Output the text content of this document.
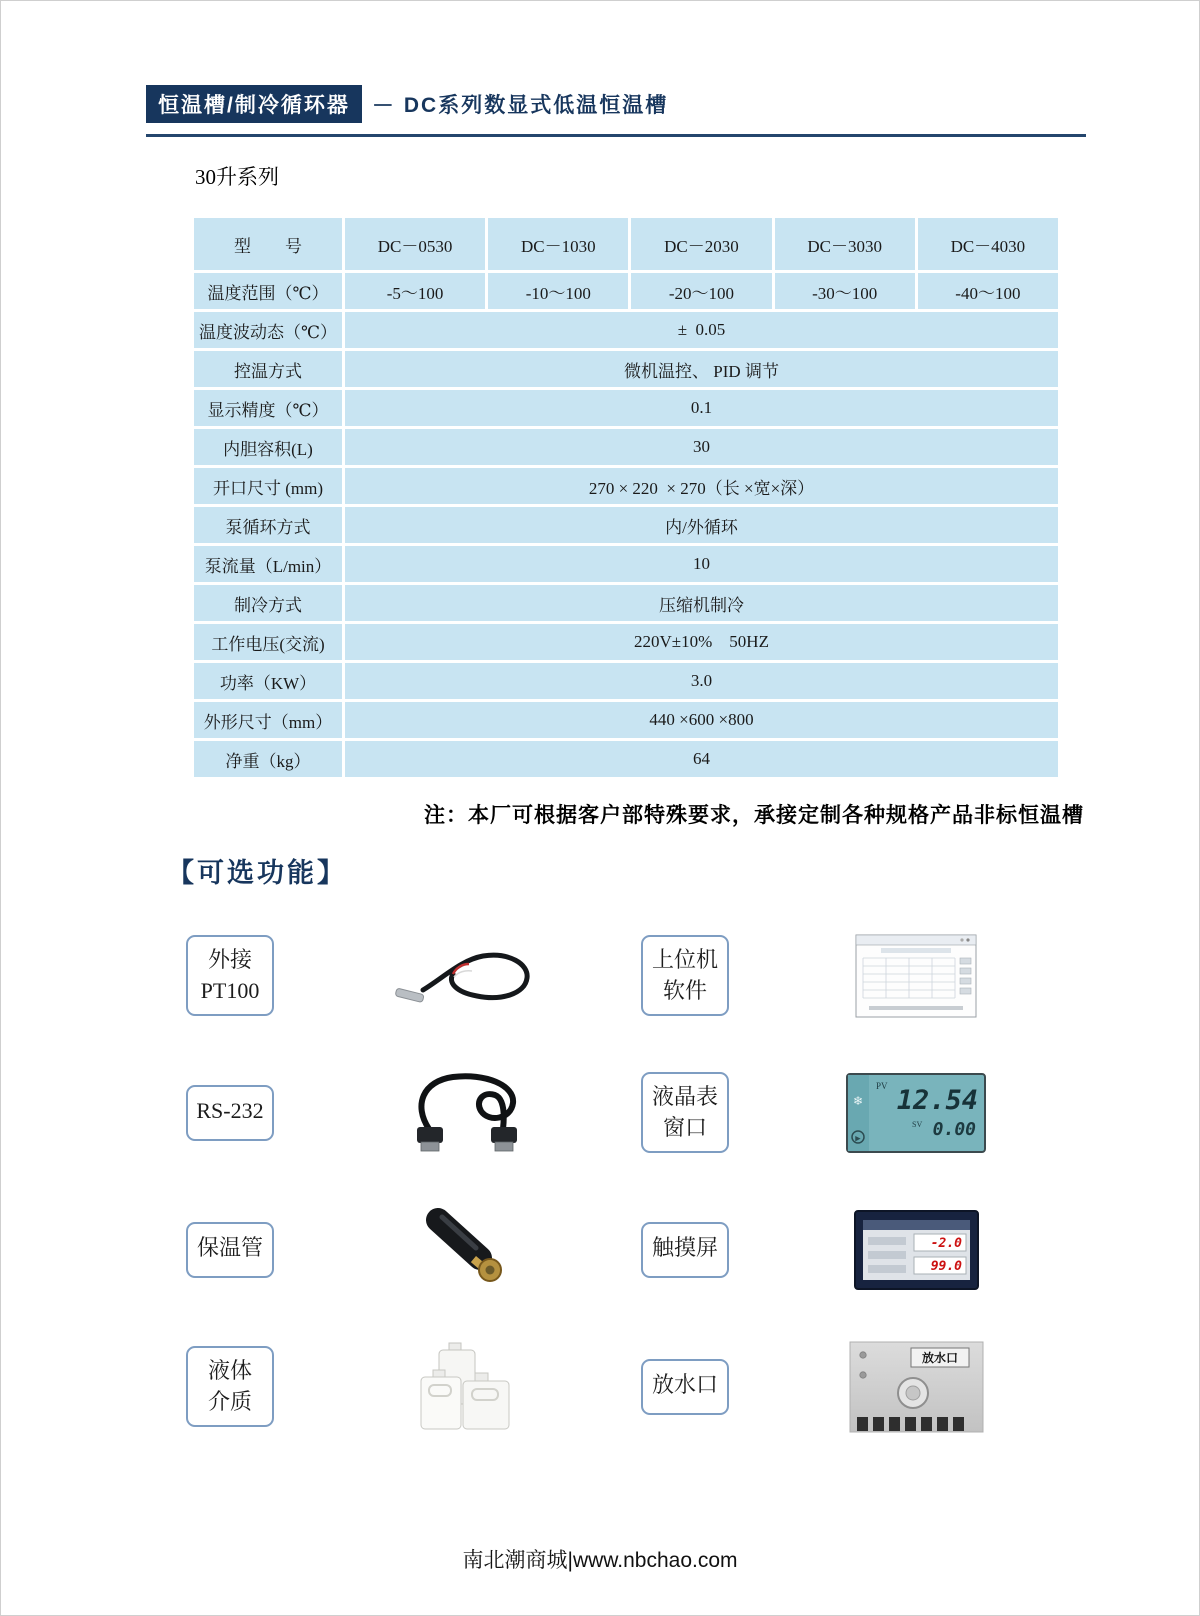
恒温槽/制冷循环器	－ DC系列数显式低温恒温槽
30升系列
型　　号	DC－0530	DC－1030	DC－2030	DC－3030	DC－4030
温度范围（℃）	-5～100	-10～100	-20～100	-30～100	-40～100
温度波动态（℃）	±  0.05				
控温方式	微机温控、 PID 调节				
显示精度（℃）	0.1				
内胆容积(L)	30				
开口尺寸 (mm)	270 × 220  × 270（长 ×宽×深）				
泵循环方式	内/外循环				
泵流量（L/min）	10				
制冷方式	压缩机制冷				
工作电压(交流)	220V±10%    50HZ				
功率（KW）	3.0				
外形尺寸（mm）	440 ×600 ×800				
净重（kg）	64				
注：本厂可根据客户部特殊要求，承接定制各种规格产品非标恒温槽
【可选功能】
外接
PT100
上位机
软件
RS-232
液晶表
窗口
❄
▶
PV 12.54
SV 0.00
保温管	触摸屏	-2.0
99.0
液体
介质
放水口
放水口
南北潮商城|www.nbchao.com
